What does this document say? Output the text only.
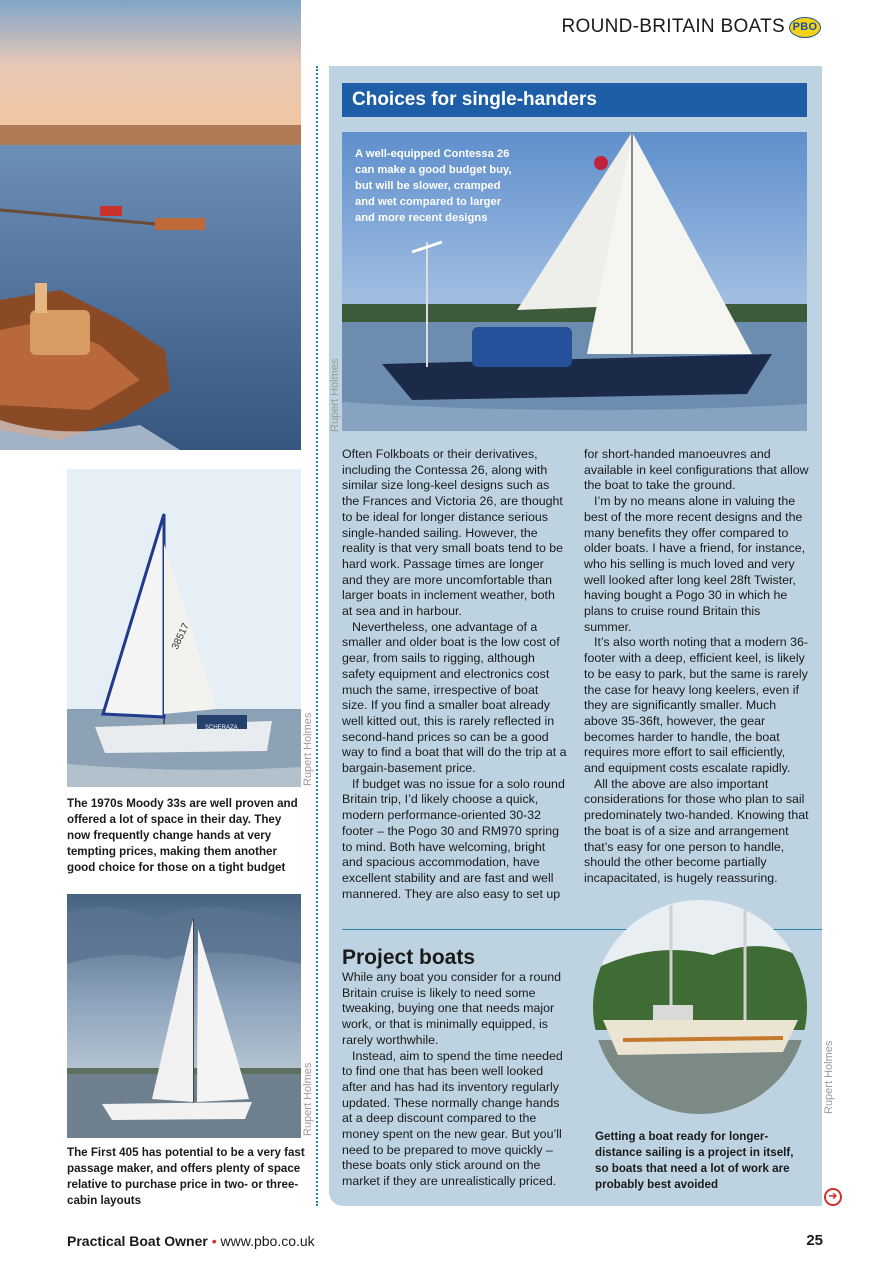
ROUND-BRITAIN BOATS PBO
Choices for single-handers
A well-equipped Contessa 26 can make a good budget buy, but will be slower, cramped and wet compared to larger and more recent designs
Rupert Holmes

Often Folkboats or their derivatives, including the Contessa 26, along with similar size long-keel designs such as the Frances and Victoria 26, are thought to be ideal for longer distance serious single-handed sailing. However, the reality is that very small boats tend to be hard work. Passage times are longer and they are more uncomfortable than larger boats in inclement weather, both at sea and in harbour.

Nevertheless, one advantage of a smaller and older boat is the low cost of gear, from sails to rigging, although safety equipment and electronics cost much the same, irrespective of boat size. If you find a smaller boat already well kitted out, this is rarely reflected in second-hand prices so can be a good way to find a boat that will do the trip at a bargain-basement price.

If budget was no issue for a solo round Britain trip, I’d likely choose a quick, modern performance-oriented 30-32 footer – the Pogo 30 and RM970 spring to mind. Both have welcoming, bright and spacious accommodation, have excellent stability and are fast and well mannered. They are also easy to set up

for short-handed manoeuvres and available in keel configurations that allow the boat to take the ground.

I’m by no means alone in valuing the best of the more recent designs and the many benefits they offer compared to older boats. I have a friend, for instance, who his selling is much loved and very well looked after long keel 28ft Twister, having bought a Pogo 30 in which he plans to cruise round Britain this summer.

It’s also worth noting that a modern 36-footer with a deep, efficient keel, is likely to be easy to park, but the same is rarely the case for heavy long keelers, even if they are significantly smaller. Much above 35-36ft, however, the gear becomes harder to handle, the boat requires more effort to sail efficiently, and equipment costs escalate rapidly.

All the above are also important considerations for those who plan to sail predominately two-handed. Knowing that the boat is of a size and arrangement that’s easy for one person to handle, should the other become partially incapacitated, is hugely reassuring.

Project boats

While any boat you consider for a round Britain cruise is likely to need some tweaking, buying one that needs major work, or that is minimally equipped, is rarely worthwhile.

Instead, aim to spend the time needed to find one that has been well looked after and has had its inventory regularly updated. These normally change hands at a deep discount compared to the money spent on the new gear. But you’ll need to be prepared to move quickly – these boats only stick around on the market if they are unrealistically priced.

Getting a boat ready for longer-distance sailing is a project in itself, so boats that need a lot of work are probably best avoided
Rupert Holmes
38517
SCHERAZA	Rupert Holmes
The 1970s Moody 33s are well proven and offered a lot of space in their day. They now frequently change hands at very tempting prices, making them another good choice for those on a tight budget
Rupert Holmes
The First 405 has potential to be a very fast passage maker, and offers plenty of space relative to purchase price in two- or three-cabin layouts	➔
Practical Boat Owner • www.pbo.co.uk	25
